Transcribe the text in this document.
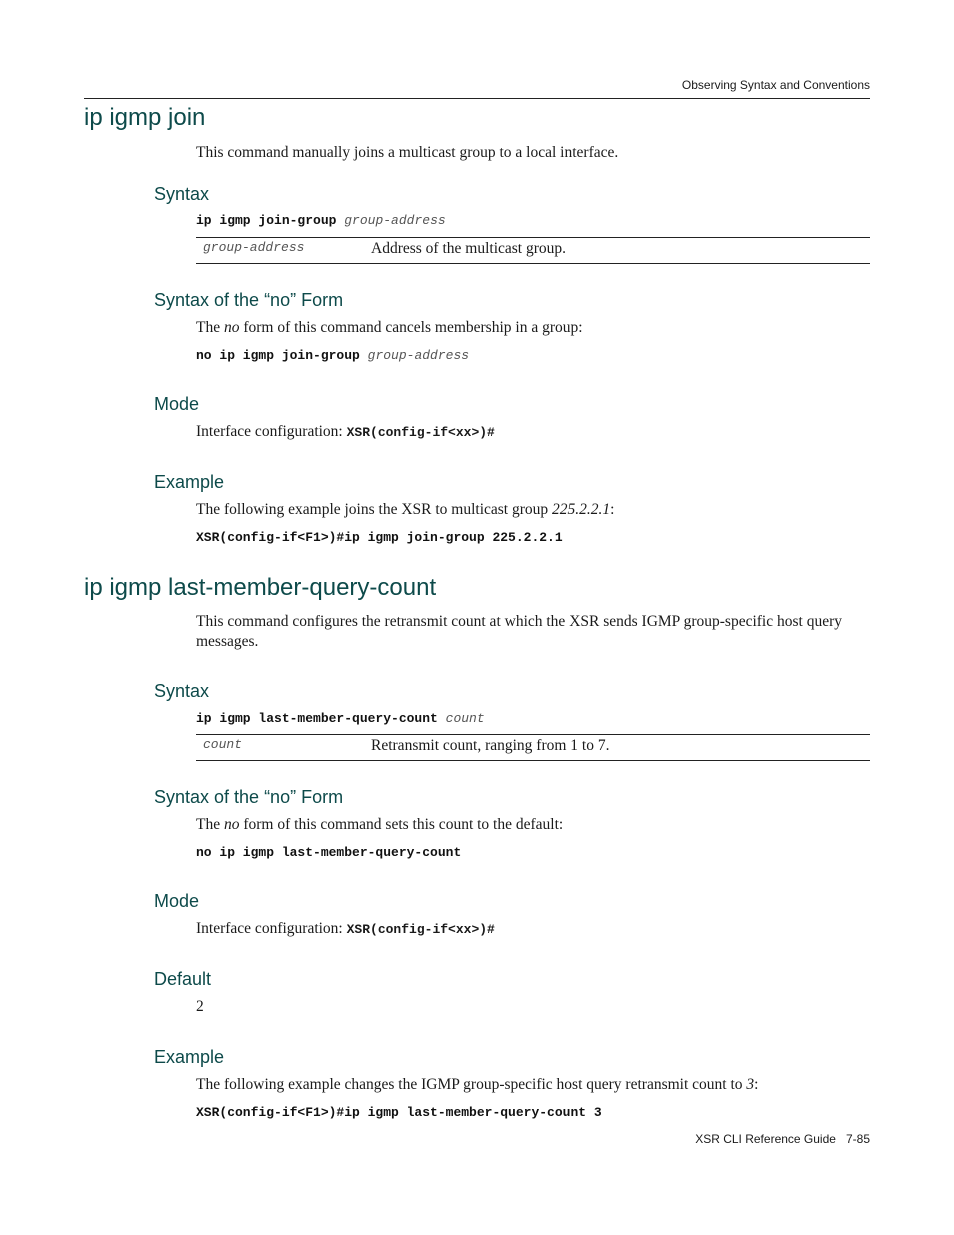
Observing Syntax and Conventions
ip igmp join
This command manually joins a multicast group to a local interface.
Syntax
ip igmp join-group group-address
group-address	Address of the multicast group.
Syntax of the “no” Form
The no form of this command cancels membership in a group:
no ip igmp join-group group-address
Mode
Interface configuration: XSR(config-if<xx>)#
Example
The following example joins the XSR to multicast group 225.2.2.1:
XSR(config-if<F1>)#ip igmp join-group 225.2.2.1
ip igmp last-member-query-count
This command configures the retransmit count at which the XSR sends IGMP group-specific host query messages.
Syntax
ip igmp last-member-query-count count
count	Retransmit count, ranging from 1 to 7.
Syntax of the “no” Form
The no form of this command sets this count to the default:
no ip igmp last-member-query-count
Mode
Interface configuration: XSR(config-if<xx>)#
Default
2
Example
The following example changes the IGMP group-specific host query retransmit count to 3:
XSR(config-if<F1>)#ip igmp last-member-query-count 3
XSR CLI Reference Guide 7-85
